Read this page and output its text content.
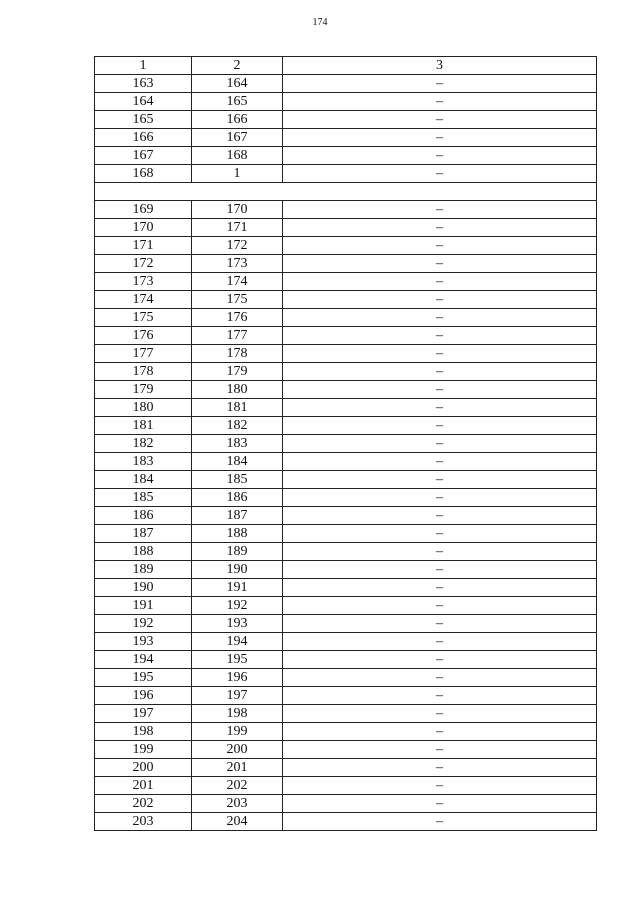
174
1	2	3
163	164	–
164	165	–
165	166	–
166	167	–
167	168	–
168	1	–

169	170	–
170	171	–
171	172	–
172	173	–
173	174	–
174	175	–
175	176	–
176	177	–
177	178	–
178	179	–
179	180	–
180	181	–
181	182	–
182	183	–
183	184	–
184	185	–
185	186	–
186	187	–
187	188	–
188	189	–
189	190	–
190	191	–
191	192	–
192	193	–
193	194	–
194	195	–
195	196	–
196	197	–
197	198	–
198	199	–
199	200	–
200	201	–
201	202	–
202	203	–
203	204	–
